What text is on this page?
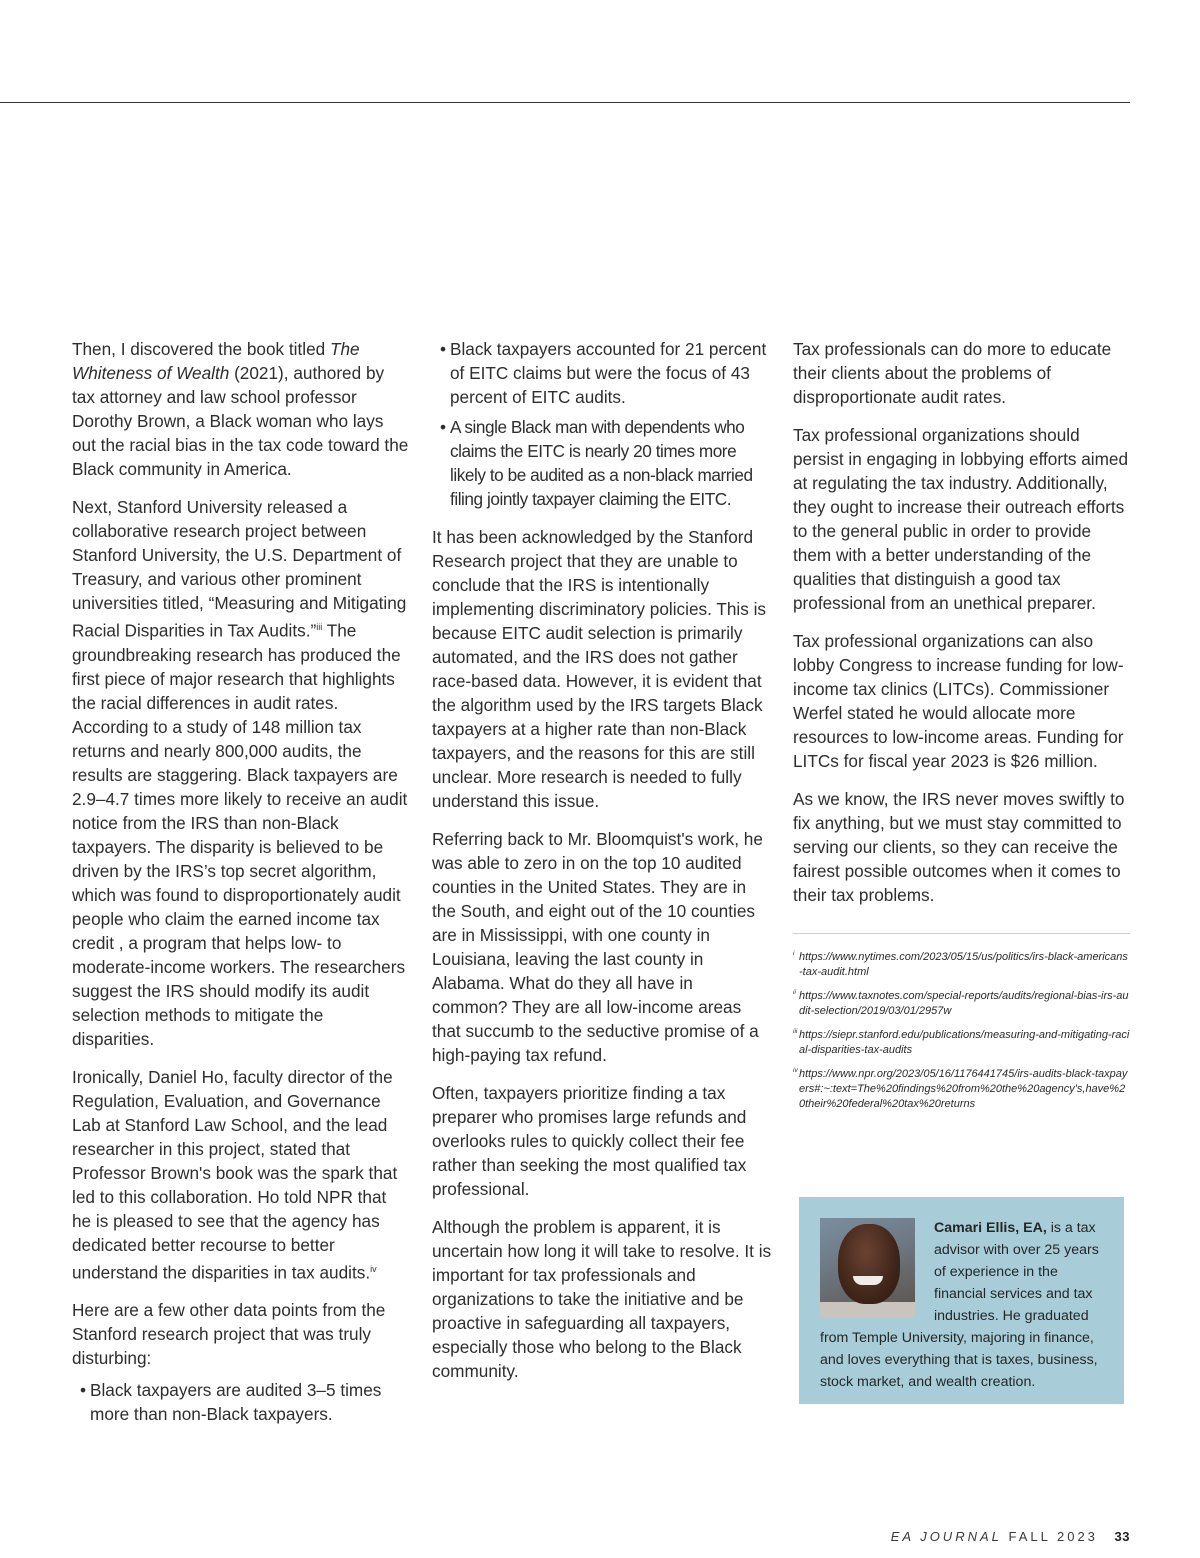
Then, I discovered the book titled The Whiteness of Wealth (2021), authored by tax attorney and law school professor Dorothy Brown, a Black woman who lays out the racial bias in the tax code toward the Black community in America.

Next, Stanford University released a collaborative research project between Stanford University, the U.S. Department of Treasury, and various other prominent universities titled, “Measuring and Mitigating Racial Disparities in Tax Audits.”$^{iii}$ The groundbreaking research has produced the first piece of major research that highlights the racial differences in audit rates. According to a study of 148 million tax returns and nearly 800,000 audits, the results are staggering. Black taxpayers are 2.9–4.7 times more likely to receive an audit notice from the IRS than non-Black taxpayers. The disparity is believed to be driven by the IRS’s top secret algorithm, which was found to disproportionately audit people who claim the earned income tax credit , a program that helps low- to moderate-income workers. The researchers suggest the IRS should modify its audit selection methods to mitigate the disparities.

Ironically, Daniel Ho, faculty director of the Regulation, Evaluation, and Governance Lab at Stanford Law School, and the lead researcher in this project, stated that Professor Brown's book was the spark that led to this collaboration. Ho told NPR that he is pleased to see that the agency has dedicated better recourse to better understand the disparities in tax audits.$^{iv}$

Here are a few other data points from the Stanford research project that was truly disturbing:

• Black taxpayers are audited 3–5 times more than non-Black taxpayers.
• Black taxpayers accounted for 21 percent of EITC claims but were the focus of 43 percent of EITC audits.
• A single Black man with dependents who claims the EITC is nearly 20 times more likely to be audited as a non-black married filing jointly taxpayer claiming the EITC.

It has been acknowledged by the Stanford Research project that they are unable to conclude that the IRS is intentionally implementing discriminatory policies. This is because EITC audit selection is primarily automated, and the IRS does not gather race-based data. However, it is evident that the algorithm used by the IRS targets Black taxpayers at a higher rate than non-Black taxpayers, and the reasons for this are still unclear. More research is needed to fully understand this issue.

Referring back to Mr. Bloomquist's work, he was able to zero in on the top 10 audited counties in the United States. They are in the South, and eight out of the 10 counties are in Mississippi, with one county in Louisiana, leaving the last county in Alabama. What do they all have in common? They are all low-income areas that succumb to the seductive promise of a high-paying tax refund.

Often, taxpayers prioritize finding a tax preparer who promises large refunds and overlooks rules to quickly collect their fee rather than seeking the most qualified tax professional.

Although the problem is apparent, it is uncertain how long it will take to resolve. It is important for tax professionals and organizations to take the initiative and be proactive in safeguarding all taxpayers, especially those who belong to the Black community.

Tax professionals can do more to educate their clients about the problems of disproportionate audit rates.

Tax professional organizations should persist in engaging in lobbying efforts aimed at regulating the tax industry. Additionally, they ought to increase their outreach efforts to the general public in order to provide them with a better understanding of the qualities that distinguish a good tax professional from an unethical preparer.

Tax professional organizations can also lobby Congress to increase funding for low-income tax clinics (LITCs). Commissioner Werfel stated he would allocate more resources to low-income areas. Funding for LITCs for fiscal year 2023 is $26 million.

As we know, the IRS never moves swiftly to fix anything, but we must stay committed to serving our clients, so they can receive the fairest possible outcomes when it comes to their tax problems.

i https://www.nytimes.com/2023/05/15/us/politics/irs-black-americans-tax-audit.html
ii https://www.taxnotes.com/special-reports/audits/regional-bias-irs-audit-selection/2019/03/01/2957w
iii https://siepr.stanford.edu/publications/measuring-and-mitigating-racial-disparities-tax-audits
iv https://www.npr.org/2023/05/16/1176441745/irs-audits-black-taxpayers#:~:text=The%20findings%20from%20the%20agency's,have%20their%20federal%20tax%20returns
Camari Ellis, EA, is a tax advisor with over 25 years of experience in the financial services and tax industries. He graduated from Temple University, majoring in finance, and loves everything that is taxes, business, stock market, and wealth creation.
EA JOURNAL FALL 2023 33
